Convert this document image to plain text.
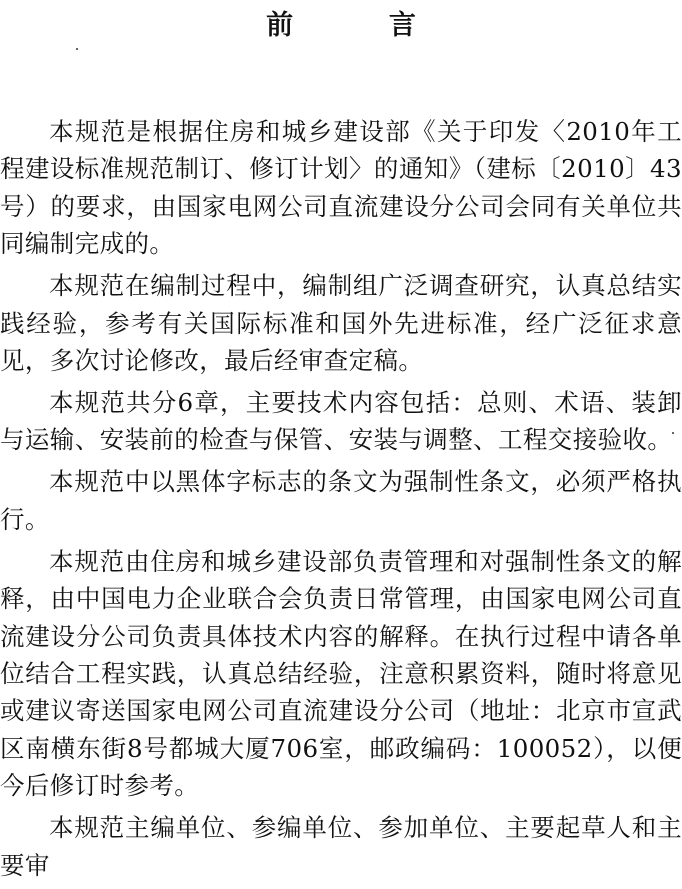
前 言

本规范是根据住房和城乡建设部《关于印发〈2010年工程建设标准规范制订、修订计划〉的通知》（建标〔2010〕43号）的要求，由国家电网公司直流建设分公司会同有关单位共同编制完成的。

本规范在编制过程中，编制组广泛调查研究，认真总结实践经验，参考有关国际标准和国外先进标准，经广泛征求意见，多次讨论修改，最后经审查定稿。

本规范共分6章，主要技术内容包括：总则、术语、装卸与运输、安装前的检查与保管、安装与调整、工程交接验收。

本规范中以黑体字标志的条文为强制性条文，必须严格执行。

本规范由住房和城乡建设部负责管理和对强制性条文的解释，由中国电力企业联合会负责日常管理，由国家电网公司直流建设分公司负责具体技术内容的解释。在执行过程中请各单位结合工程实践，认真总结经验，注意积累资料，随时将意见或建议寄送国家电网公司直流建设分公司（地址：北京市宣武区南横东街8号都城大厦706室，邮政编码：100052），以便今后修订时参考。

本规范主编单位、参编单位、参加单位、主要起草人和主要审
